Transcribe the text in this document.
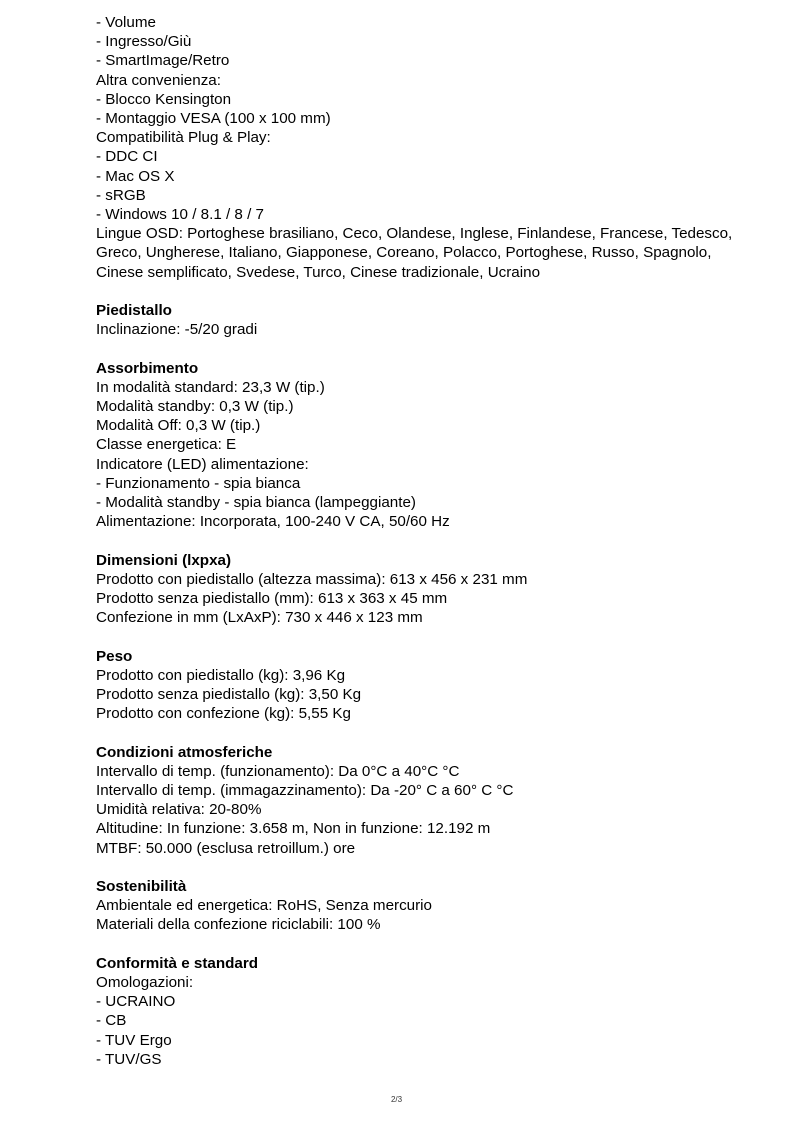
- Volume
- Ingresso/Giù
- SmartImage/Retro
Altra convenienza:
- Blocco Kensington
- Montaggio VESA (100 x 100 mm)
Compatibilità Plug & Play:
- DDC CI
- Mac OS X
- sRGB
- Windows 10 / 8.1 / 8 / 7
Lingue OSD: Portoghese brasiliano, Ceco, Olandese, Inglese, Finlandese, Francese, Tedesco, Greco, Ungherese, Italiano, Giapponese, Coreano, Polacco, Portoghese, Russo, Spagnolo, Cinese semplificato, Svedese, Turco, Cinese tradizionale, Ucraino
Piedistallo
Inclinazione: -5/20 gradi
Assorbimento
In modalità standard: 23,3 W (tip.)
Modalità standby: 0,3 W (tip.)
Modalità Off: 0,3 W (tip.)
Classe energetica: E
Indicatore (LED) alimentazione:
- Funzionamento - spia bianca
- Modalità standby - spia bianca (lampeggiante)
Alimentazione: Incorporata, 100-240 V CA, 50/60 Hz
Dimensioni (lxpxa)
Prodotto con piedistallo (altezza massima): 613 x 456 x 231 mm
Prodotto senza piedistallo (mm): 613 x 363 x 45 mm
Confezione in mm (LxAxP): 730 x 446 x 123 mm
Peso
Prodotto con piedistallo (kg): 3,96 Kg
Prodotto senza piedistallo (kg): 3,50 Kg
Prodotto con confezione (kg): 5,55 Kg
Condizioni atmosferiche
Intervallo di temp. (funzionamento): Da 0°C a 40°C °C
Intervallo di temp. (immagazzinamento): Da -20° C a 60° C °C
Umidità relativa: 20-80%
Altitudine: In funzione: 3.658 m, Non in funzione: 12.192 m
MTBF: 50.000 (esclusa retroillum.) ore
Sostenibilità
Ambientale ed energetica: RoHS, Senza mercurio
Materiali della confezione riciclabili: 100 %
Conformità e standard
Omologazioni:
- UCRAINO
- CB
- TUV Ergo
- TUV/GS
2/3
